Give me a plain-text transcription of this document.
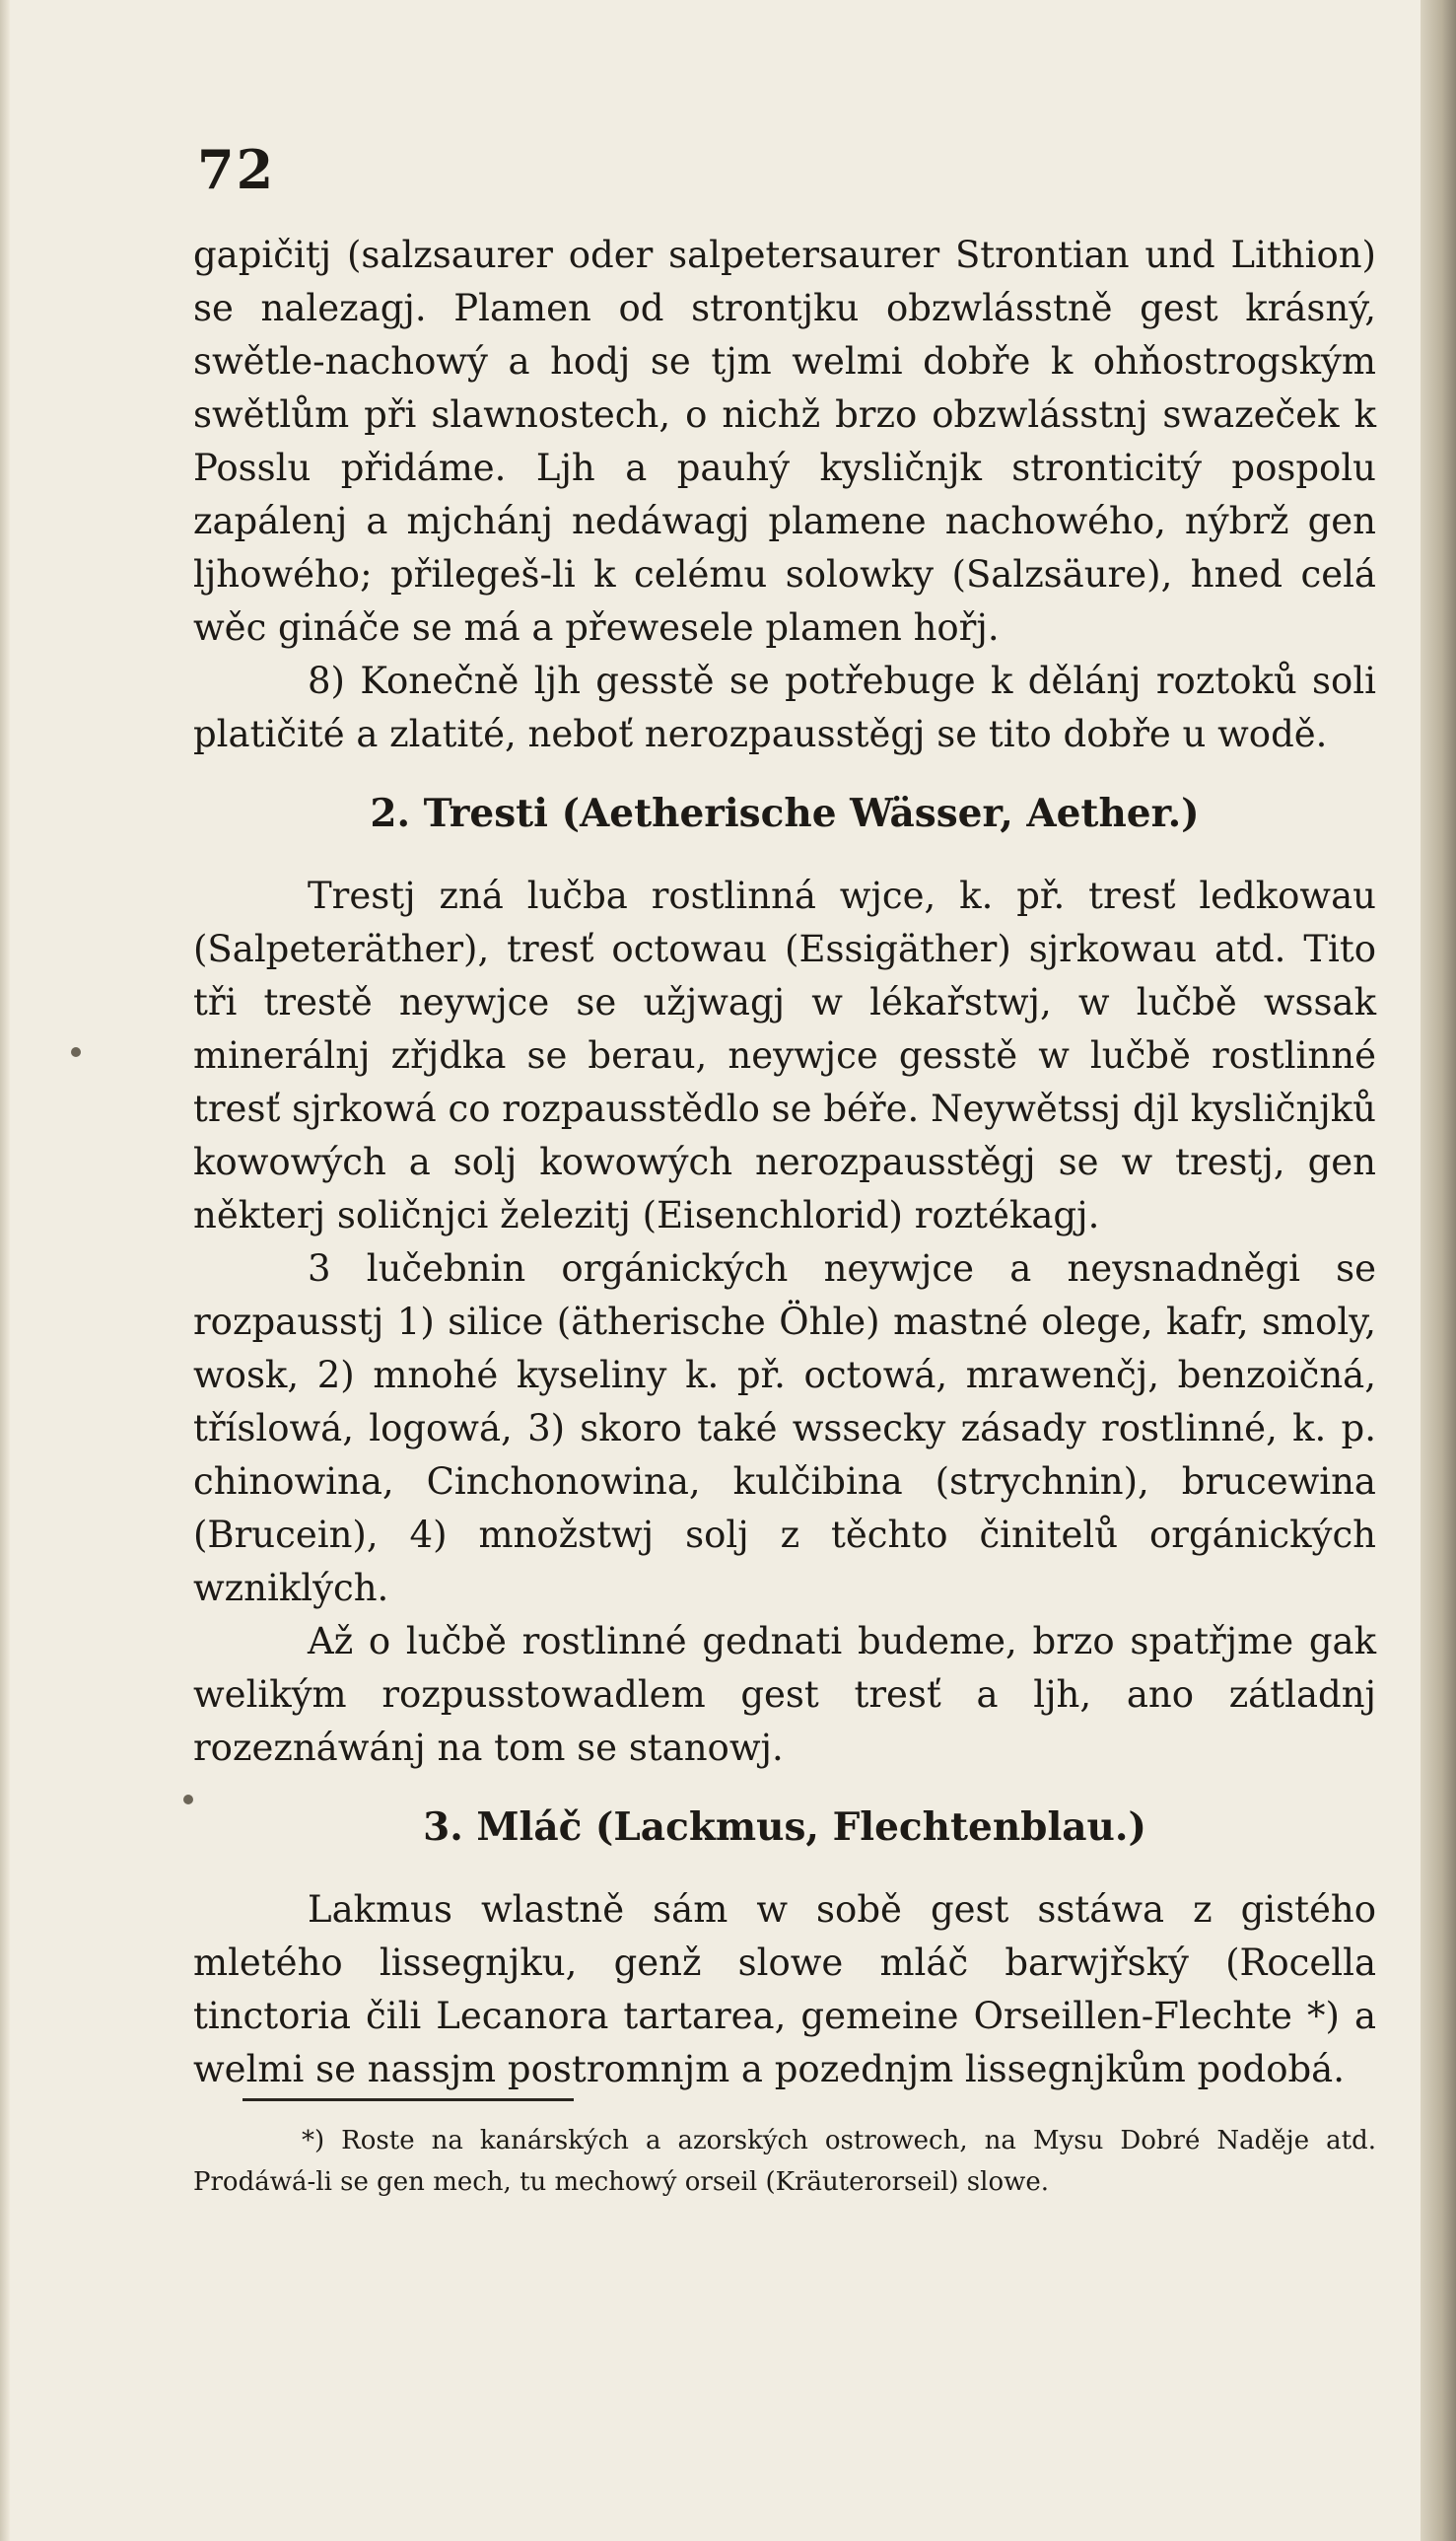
72

gapičitj (salzsaurer oder salpetersaurer Strontian und Lithion) se nalezagj. Plamen od strontjku obzwlásstně gest krásný, swětle-nachowý a hodj se tjm welmi dobře k ohňostrogským swětlům při slawnostech, o nichž brzo obzwlásstnj swazeček k Posslu přidáme. Ljh a pauhý kysličnjk stronticitý pospolu zapálenj a mjchánj nedáwagj plamene nachowého, nýbrž gen ljhowého; přilegeš-li k celému solowky (Salzsäure), hned celá wěc gináče se má a přewesele plamen hořj.

8) Konečně ljh gesstě se potřebuge k dělánj roztoků soli platičité a zlatité, neboť nerozpausstěgj se tito dobře u wodě.

2. Tresti (Aetherische Wässer, Aether.)

Trestj zná lučba rostlinná wjce, k. př. tresť ledkowau (Salpeteräther), tresť octowau (Essigäther) sjrkowau atd. Tito tři trestě neywjce se užjwagj w lékařstwj, w lučbě wssak minerálnj zřjdka se berau, neywjce gesstě w lučbě rostlinné tresť sjrkowá co rozpausstědlo se béře. Neywětssj djl kysličnjků kowowých a solj kowowých nerozpausstěgj se w trestj, gen některj soličnjci železitj (Eisenchlorid) roztékagj.

3 lučebnin orgánických neywjce a neysnadněgi se rozpausstj 1) silice (ätherische Öhle) mastné olege, kafr, smoly, wosk, 2) mnohé kyseliny k. př. octowá, mrawenčj, benzoičná, tříslowá, logowá, 3) skoro také wssecky zásady rostlinné, k. p. chinowina, Cinchonowina, kulčibina (strychnin), brucewina (Brucein), 4) množstwj solj z těchto činitelů orgánických wzniklých.

Až o lučbě rostlinné gednati budeme, brzo spatřjme gak welikým rozpusstowadlem gest tresť a ljh, ano zátladnj rozeznáwánj na tom se stanowj.

3. Mláč (Lackmus, Flechtenblau.)

Lakmus wlastně sám w sobě gest sstáwa z gistého mletého lissegnjku, genž slowe mláč barwjřský (Rocella tinctoria čili Lecanora tartarea, gemeine Orseillen-Flechte *) a welmi se nassjm postromnjm a pozednjm lissegnjkům podobá.

*) Roste na kanárských a azorských ostrowech, na Mysu Dobré Naděje atd. Prodáwá-li se gen mech, tu mechowý orseil (Kräuterorseil) slowe.
